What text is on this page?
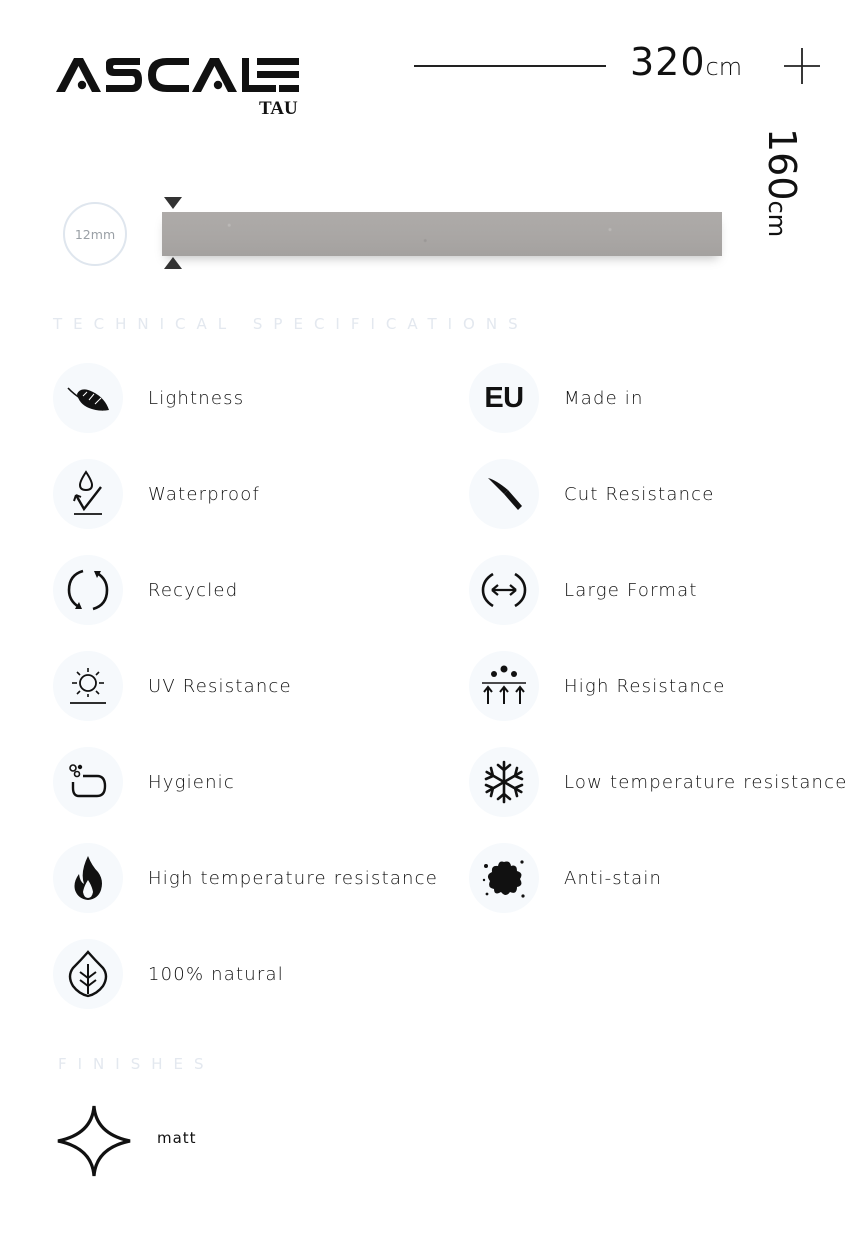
TAU
320cm
160cm
12mm
TECHNICAL SPECIFICATIONS
Lightness	EU Made in
Waterproof	Cut Resistance
Recycled	Large Format
UV Resistance	High Resistance
Hygienic	Low temperature resistance
High temperature resistance	Anti-stain
100% natural
FINISHES
matt
